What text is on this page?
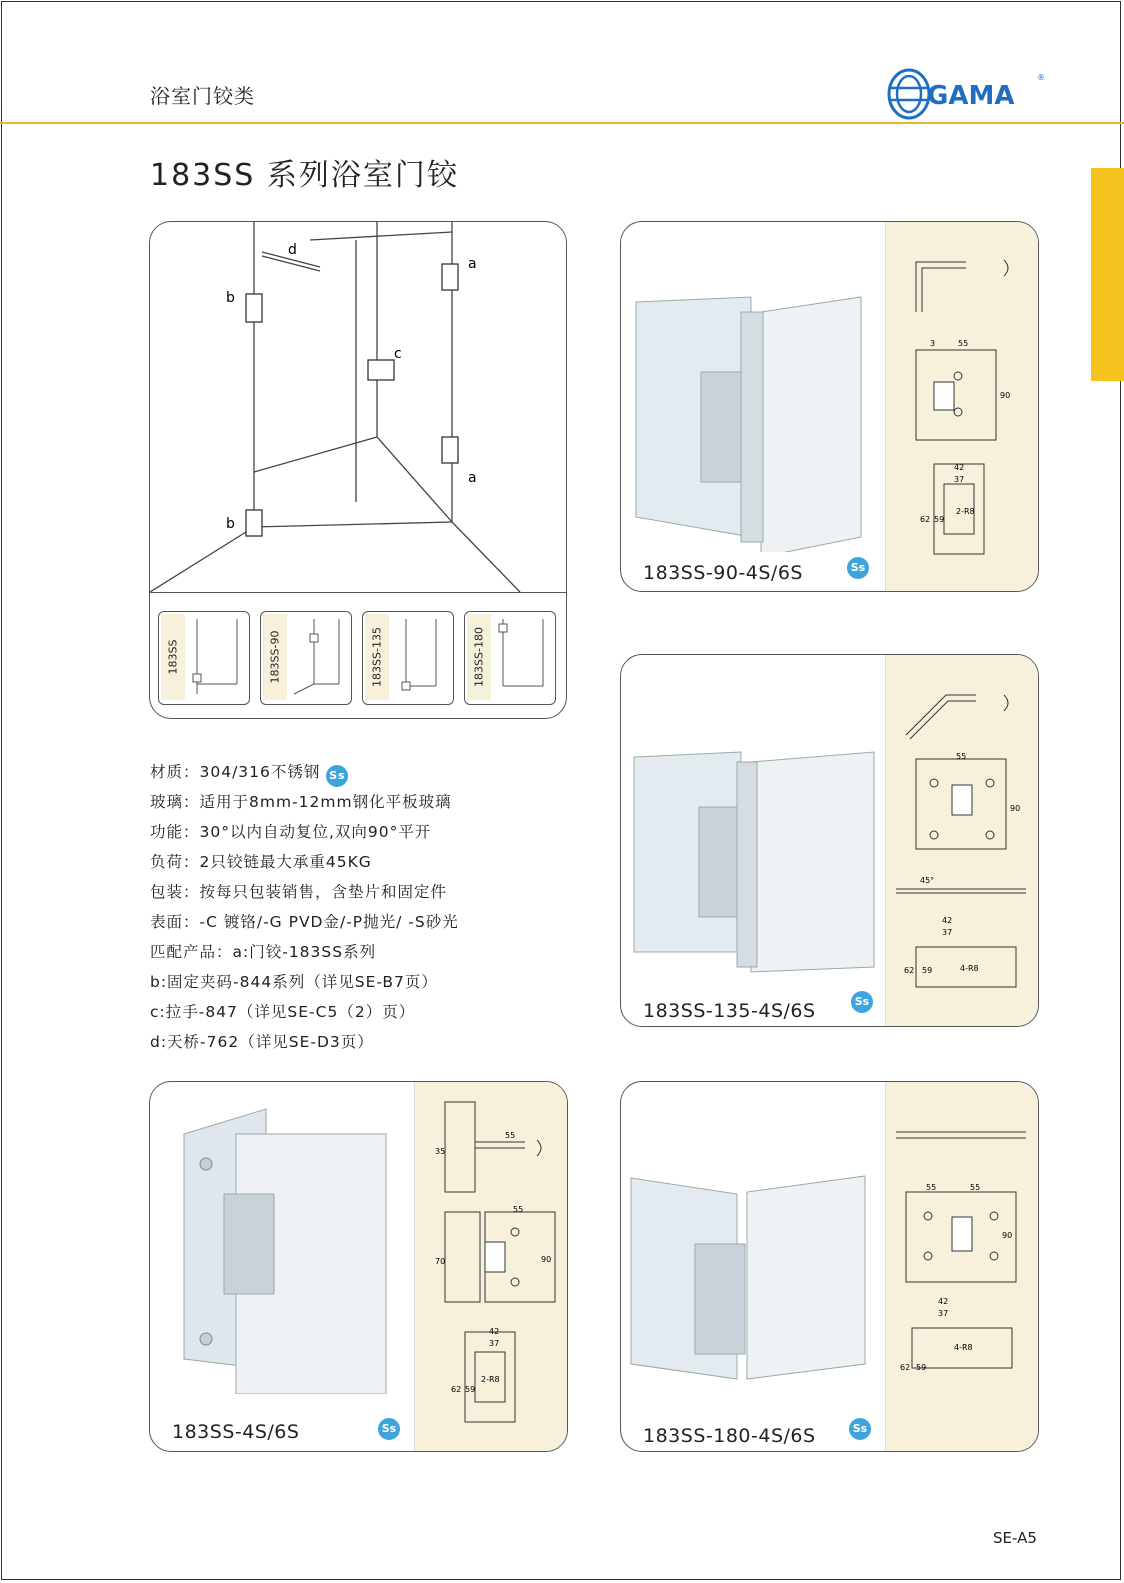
浴室门铰类	GAMA
®
183SS 系列浴室门铰
d
a
b
c
a
b
183SS	183SS-90	183SS-135	183SS-180
183SS-90-4S/6S	Ss
3	55
90
42
37
2-R8
62 59
183SS-135-4S/6S	Ss
55
90
45°
42
37
4-R8
62 59
材质：304/316不锈钢 Ss
玻璃：适用于8mm-12mm钢化平板玻璃
功能：30°以内自动复位,双向90°平开
负荷：2只铰链最大承重45KG
包装：按每只包装销售，含垫片和固定件
表面：-C 镀铬/-G PVD金/-P抛光/ -S砂光
匹配产品：a:门铰-183SS系列
b:固定夹码-844系列（详见SE-B7页）
c:拉手-847（详见SE-C5（2）页）
d:天桥-762（详见SE-D3页）
183SS-4S/6S	Ss
55
35
70
55
90
42
37
2-R8
62 59
183SS-180-4S/6S	Ss
55	55
90
42
37
4-R8
62 59
SE-A5
